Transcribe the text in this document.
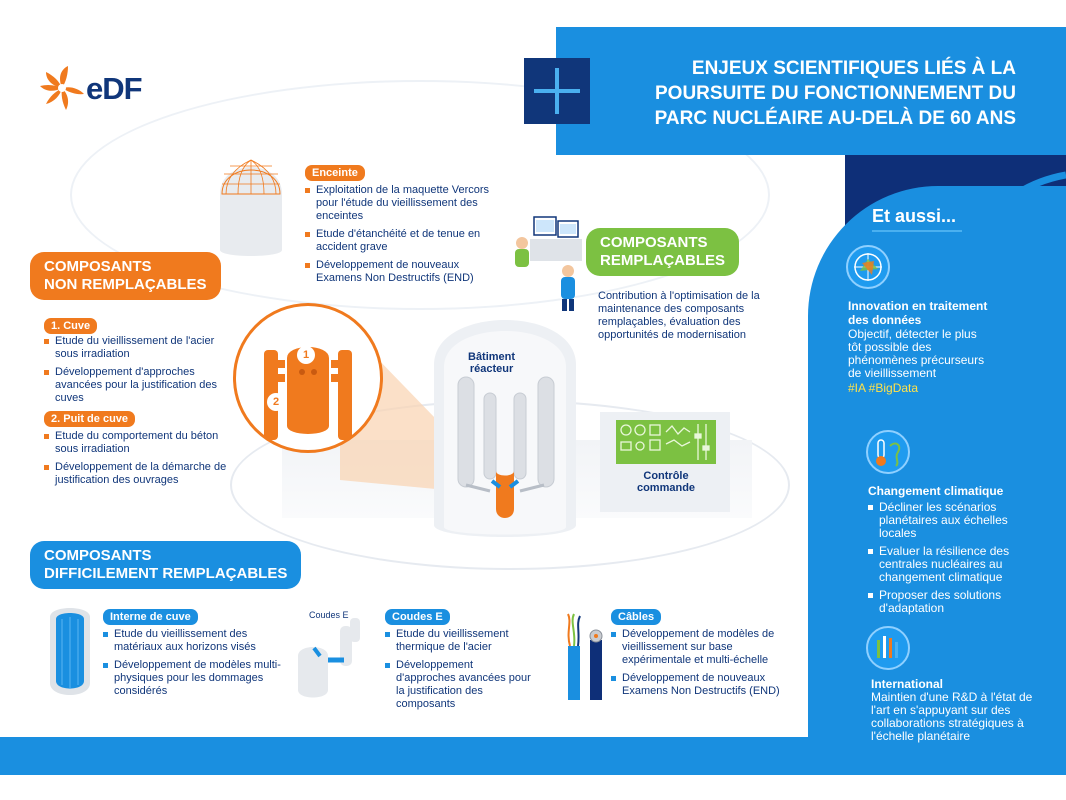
ENJEUX SCIENTIFIQUES LIÉS À LA
POURSUITE DU FONCTIONNEMENT DU
PARC NUCLÉAIRE AU-DELÀ DE 60 ANS
eDF
Et aussi...
Innovation en traitement
des données
Objectif, détecter le plus tôt possible des phénomènes précurseurs de vieillissement
#IA #BigData
Changement climatique
Décliner les scénarios planétaires aux échelles locales
Evaluer la résilience des centrales nucléaires au changement climatique
Proposer des solutions d'adaptation
International
Maintien d'une R&D à l'état de l'art en s'appuyant sur des collaborations stratégiques à l'échelle planétaire
COMPOSANTS
NON REMPLAÇABLES
1. Cuve
Etude du vieillissement de l'acier sous irradiation
Développement d'approches avancées pour la justification des cuves
2. Puit de cuve
Etude du comportement du béton sous irradiation
Développement de la démarche de justification des ouvrages
Enceinte
Exploitation de la maquette Vercors pour l'étude du vieillissement des enceintes
Etude d'étanchéité et de tenue en accident grave
Développement de nouveaux Examens Non Destructifs (END)
1
2
Bâtiment
réacteur
Contrôle
commande
COMPOSANTS
REMPLAÇABLES
Contribution à l'optimisation de la maintenance des composants remplaçables, évaluation des opportunités de modernisation
COMPOSANTS
DIFFICILEMENT REMPLAÇABLES
Interne de cuve
Etude du vieillissement des matériaux aux horizons visés
Développement de modèles multi-physiques pour les dommages considérés
Coudes E	Coudes E
Etude du vieillissement thermique de l'acier
Développement d'approches avancées pour la justification des composants
Câbles
Développement de modèles de vieillissement sur base expérimentale et multi-échelle
Développement de nouveaux Examens Non Destructifs (END)
